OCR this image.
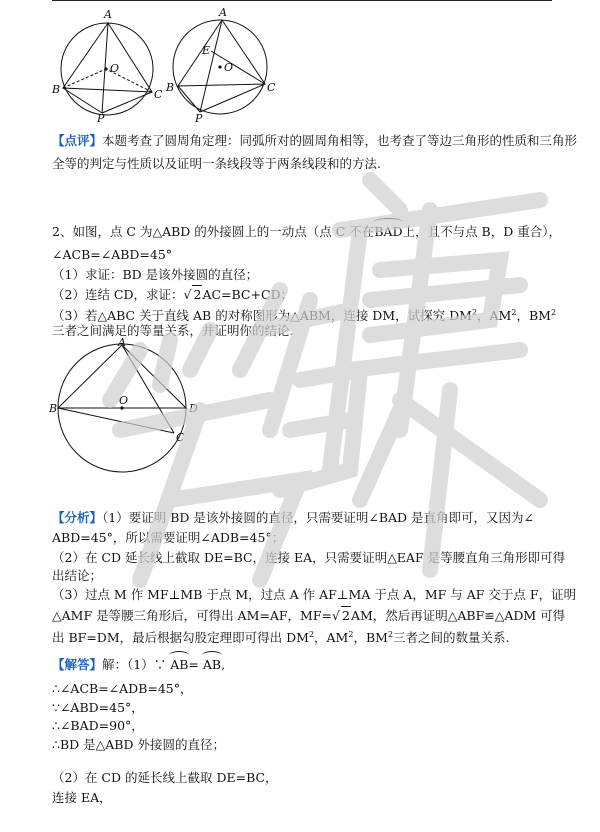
A
B	C
O
P
A
E
B	C
O
P
【点评】本题考查了圆周角定理：同弧所对的圆周角相等，也考查了等边三角形的性质和三角形
全等的判定与性质以及证明一条线段等于两条线段和的方法.
2、如图，点 C 为△ABD 的外接圆上的一动点（点 C 不在BAD上，且不与点 B，D 重合），
∠ACB=∠ABD=45°
（1）求证：BD 是该外接圆的直径；
（2）连结 CD，求证：√ 2AC=BC+CD；
（3）若△ABC 关于直线 AB 的对称图形为△ABM，连接 DM，试探究 $DM^2$，$AM^2$，$BM^2$
三者之间满足的等量关系，并证明你的结论.
A
B	D
O
C
【分析】（1）要证明 BD 是该外接圆的直径，只需要证明∠BAD 是直角即可，又因为∠
ABD=45°，所以需要证明∠ADB=45°；
（2）在 CD 延长线上截取 DE=BC，连接 EA，只需要证明△EAF 是等腰直角三角形即可得
出结论；
（3）过点 M 作 MF⊥MB 于点 M，过点 A 作 AF⊥MA 于点 A，MF 与 AF 交于点 F，证明
△AMF 是等腰三角形后，可得出 AM=AF，MF=√ 2AM，然后再证明△ABF≌△ADM 可得
出 BF=DM，最后根据勾股定理即可得出 $DM^2$，$AM^2$，$BM^2$三者之间的数量关系.
【解答】解：（1）∵ AB= AB,
∴∠ACB=∠ADB=45°，
∵∠ABD=45°，
∴∠BAD=90°，
∴BD 是△ABD 外接圆的直径；
（2）在 CD 的延长线上截取 DE=BC，
连接 EA，
